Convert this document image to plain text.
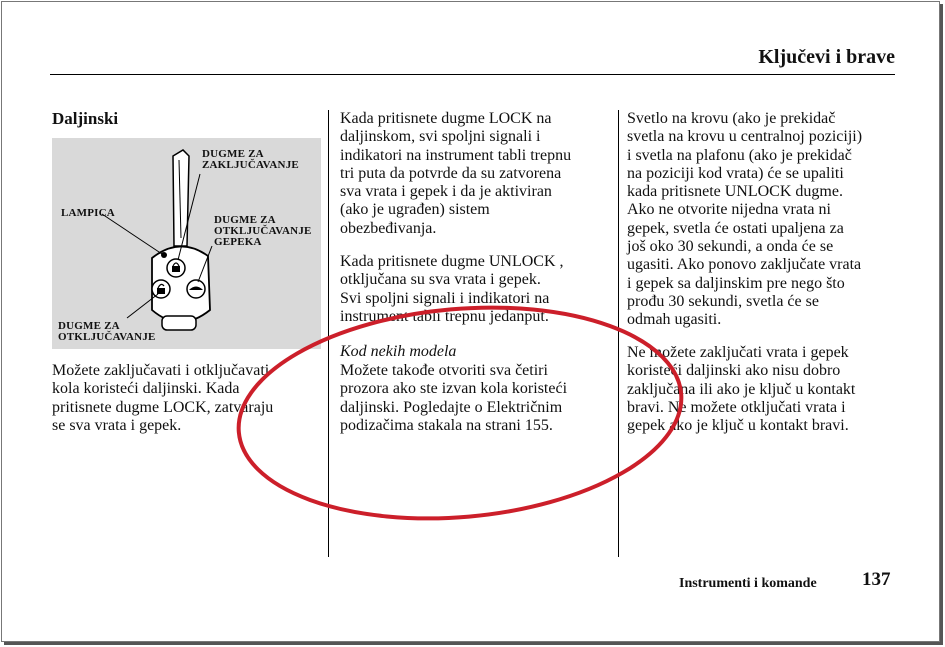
Ključevi i brave
Daljinski
DUGME ZA
ZAKLJUČAVANJE
LAMPICA
DUGME ZA
OTKLJUČAVANJE
GEPEKA
DUGME ZA
OTKLJUČAVANJE

Možete zaključavati i otključavati

kola koristeći daljinski. Kada

pritisnete dugme LOCK, zatvaraju

se sva vrata i gepek.

Kada pritisnete dugme LOCK na

daljinskom, svi spoljni signali i

indikatori na instrument tabli trepnu

tri puta da potvrde da su zatvorena

sva vrata i gepek i da je aktiviran

(ako je ugrađen) sistem

obezbeđivanja.

Kada pritisnete dugme UNLOCK ,

otključana su sva vrata i gepek.

Svi spoljni signali i indikatori na

instrument tabli trepnu jedanput.

Kod nekih modela

Možete takođe otvoriti sva četiri

prozora ako ste izvan kola koristeći

daljinski. Pogledajte o Električnim

podizačima stakala na strani 155.

Svetlo na krovu (ako je prekidač

svetla na krovu u centralnoj poziciji)

i svetla na plafonu (ako je prekidač

na poziciji kod vrata) će se upaliti

kada pritisnete UNLOCK dugme.

Ako ne otvorite nijedna vrata ni

gepek, svetla će ostati upaljena za

još oko 30 sekundi, a onda će se

ugasiti. Ako ponovo zaključate vrata

i gepek sa daljinskim pre nego što

prođu 30 sekundi, svetla će se

odmah ugasiti.

Ne možete zaključati vrata i gepek

koristeći daljinski ako nisu dobro

zaključana ili ako je ključ u kontakt

bravi. Ne možete otključati vrata i

gepek ako je ključ u kontakt bravi.

Instrumenti i komande 137
